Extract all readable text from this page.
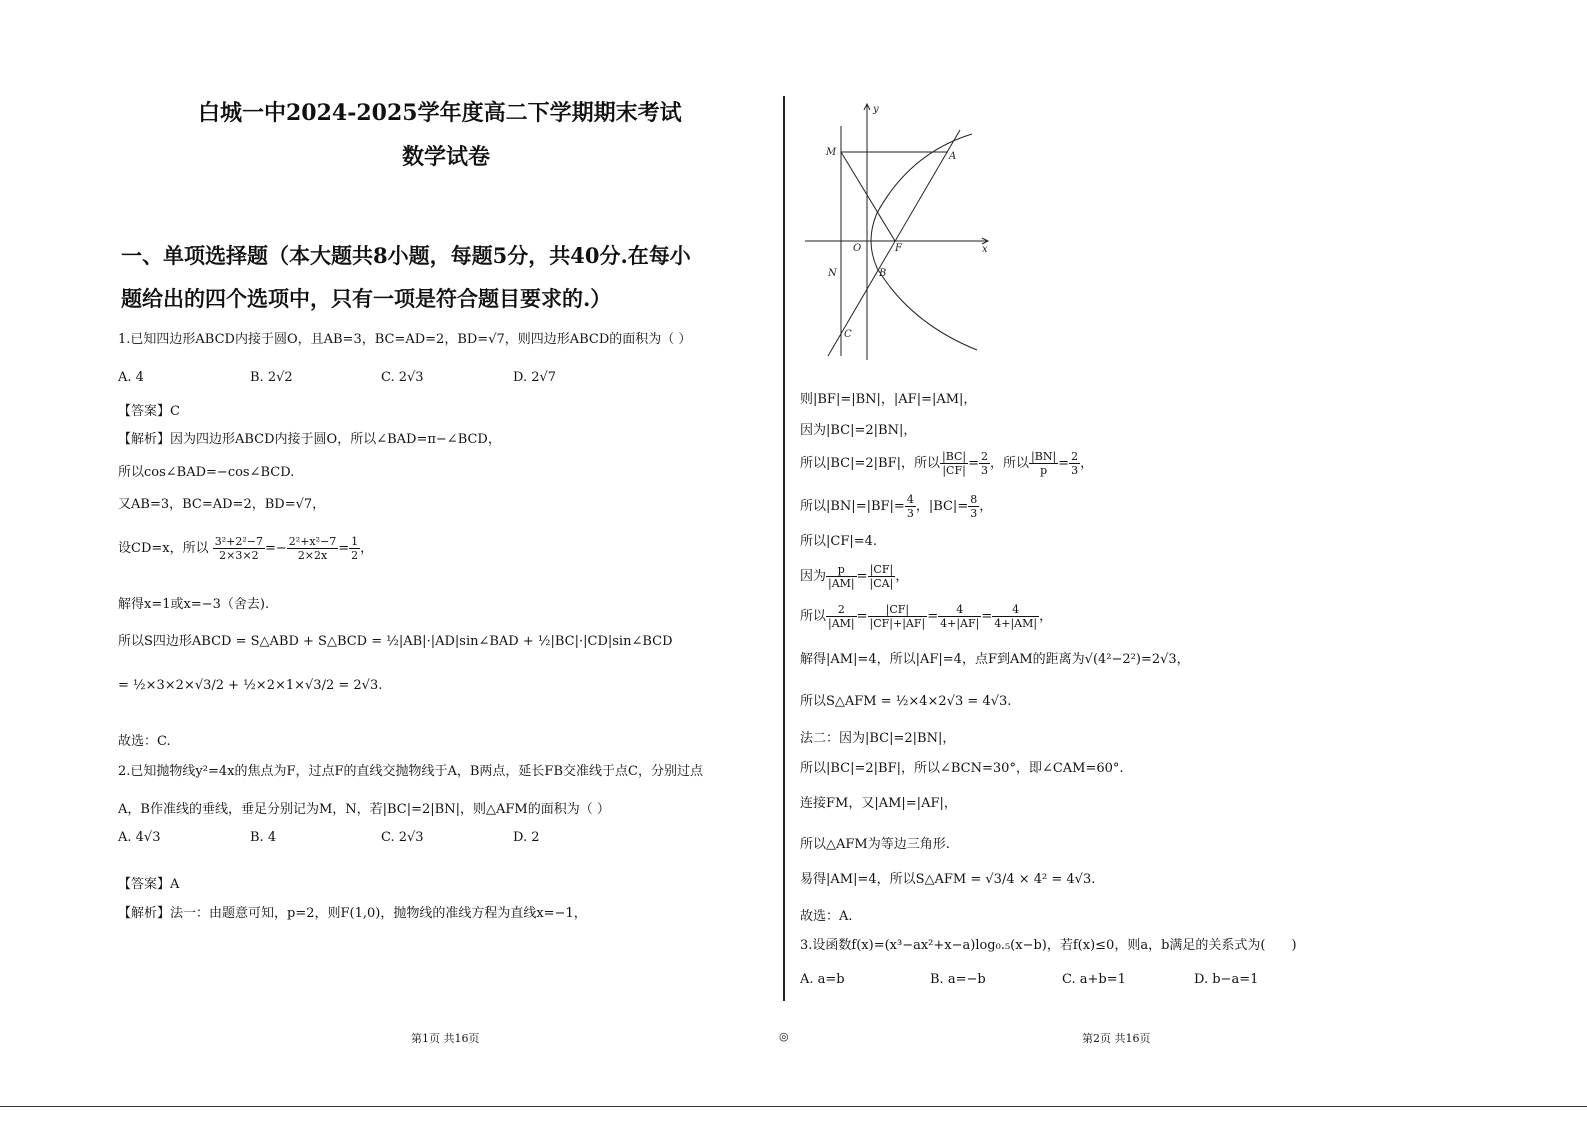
白城一中2024-2025学年度高二下学期期末考试
数学试卷
一、单项选择题（本大题共8小题，每题5分，共40分.在每小
题给出的四个选项中，只有一项是符合题目要求的.）
1.已知四边形ABCD内接于圆O，且AB=3，BC=AD=2，BD=√7，则四边形ABCD的面积为（ ）
A. 4	B. 2√2	C. 2√3	D. 2√7
【答案】C
【解析】因为四边形ABCD内接于圆O，所以∠BAD=π−∠BCD，
所以cos∠BAD=−cos∠BCD.
又AB=3，BC=AD=2，BD=√7，
设CD=x，所以 $\frac{\text{3²+2²−7}}{2\times 3\times 2} =- \frac{\text{2²+x²−7}}{2\times 2x} = \frac{1}{2}$ ，
解得x=1或x=−3（舍去).
所以S四边形ABCD = S△ABD + S△BCD = ½|AB|·|AD|sin∠BAD + ½|BC|·|CD|sin∠BCD
= ½×3×2×√3/2 + ½×2×1×√3/2 = 2√3.
故选：C.
2.已知抛物线y²=4x的焦点为F，过点F的直线交抛物线于A，B两点，延长FB交准线于点C，分别过点
A，B作准线的垂线，垂足分别记为M，N，若|BC|=2|BN|，则△AFM的面积为（ ）
A. 4√3	B. 4	C. 2√3	D. 2
【答案】A
【解析】法一：由题意可知，p=2，则F(1,0)，抛物线的准线方程为直线x=−1，
y
x
M	A
O	F
N	B
C
则|BF|=|BN|，|AF|=|AM|，
因为|BC|=2|BN|，
所以|BC|=2|BF|，所以 $\frac{|BC|}{|CF|} = \frac{2}{3}$ ，所以 $\frac{|BN|}{p} = \frac{2}{3}$ ，
所以$|BN|=|BF|= \frac{4}{3}$ ，$|BC|= \frac{8}{3}$ ，
所以|CF|=4.
因为 $\frac{p}{|AM|} = \frac{|CF|}{|CA|}$ ，
所以 $\frac{2}{|AM|} = \frac{|CF|}{|CF|+|AF|} = \frac{4}{4+|AF|} = \frac{4}{4+|AM|}$ ，
解得|AM|=4，所以|AF|=4，点F到AM的距离为√(4²−2²)=2√3，
所以S△AFM = ½×4×2√3 = 4√3.
法二：因为|BC|=2|BN|，
所以|BC|=2|BF|，所以∠BCN=30°，即∠CAM=60°.
连接FM，又|AM|=|AF|，
所以△AFM为等边三角形.
易得|AM|=4，所以S△AFM = √3/4 × 4² = 4√3.
故选：A.
3.设函数f(x)=(x³−ax²+x−a)log₀.₅(x−b)，若f(x)≤0，则a，b满足的关系式为(　　)
A. a=b	B. a=−b	C. a+b=1	D. b−a=1
第1页 共16页	◎	第2页 共16页
